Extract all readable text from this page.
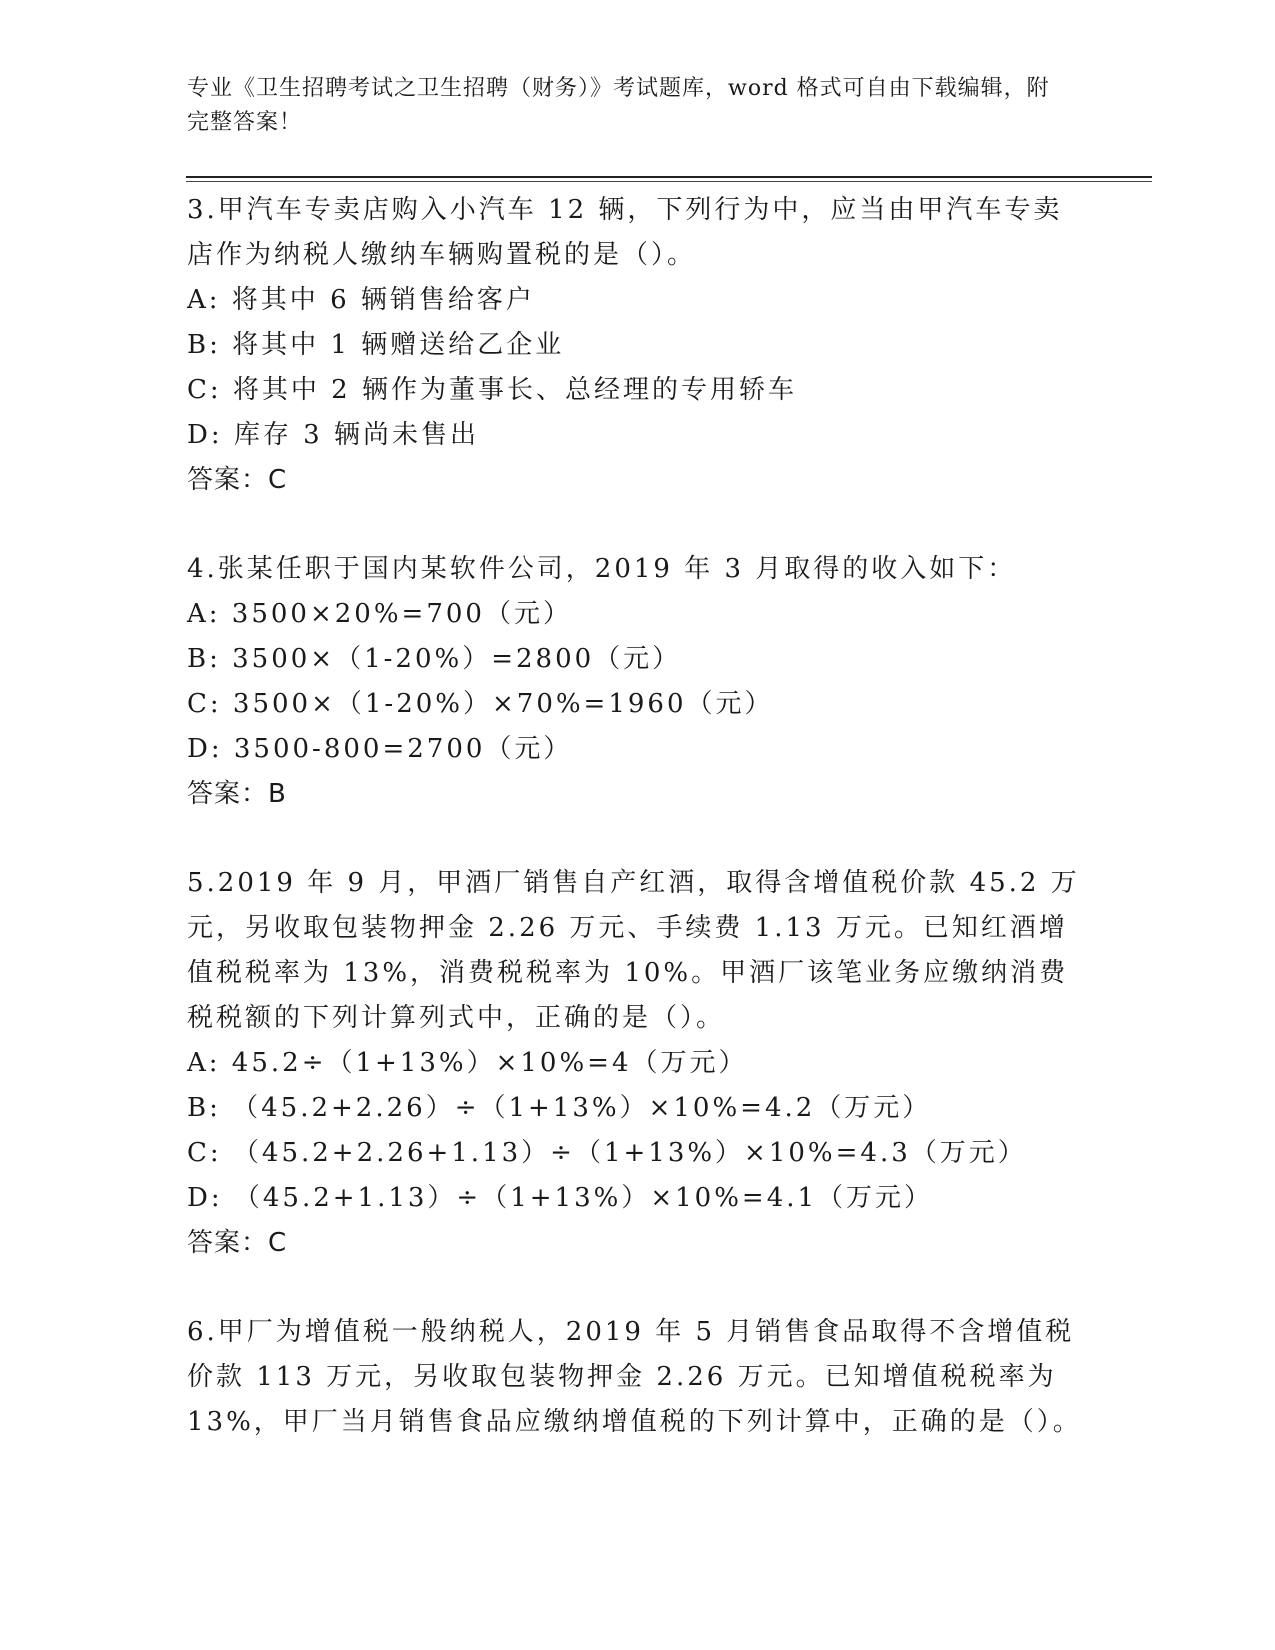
专业《卫生招聘考试之卫生招聘（财务）》考试题库，word 格式可自由下载编辑，附完整答案！
3.甲汽车专卖店购入小汽车 12 辆，下列行为中，应当由甲汽车专卖店作为纳税人缴纳车辆购置税的是（）。
A: 将其中 6 辆销售给客户
B: 将其中 1 辆赠送给乙企业
C: 将其中 2 辆作为董事长、总经理的专用轿车
D: 库存 3 辆尚未售出
答案：C
4.张某任职于国内某软件公司，2019 年 3 月取得的收入如下：
A: 3500×20%=700（元）
B: 3500×（1-20%）=2800（元）
C: 3500×（1-20%）×70%=1960（元）
D: 3500-800=2700（元）
答案：B
5.2019 年 9 月，甲酒厂销售自产红酒，取得含增值税价款 45.2 万元，另收取包装物押金 2.26 万元、手续费 1.13 万元。已知红酒增值税税率为 13%，消费税税率为 10%。甲酒厂该笔业务应缴纳消费税税额的下列计算列式中，正确的是（）。
A: 45.2÷（1+13%）×10%=4（万元）
B: （45.2+2.26）÷（1+13%）×10%=4.2（万元）
C: （45.2+2.26+1.13）÷（1+13%）×10%=4.3（万元）
D: （45.2+1.13）÷（1+13%）×10%=4.1（万元）
答案：C
6.甲厂为增值税一般纳税人，2019 年 5 月销售食品取得不含增值税价款 113 万元，另收取包装物押金 2.26 万元。已知增值税税率为 13%，甲厂当月销售食品应缴纳增值税的下列计算中，正确的是（）。
